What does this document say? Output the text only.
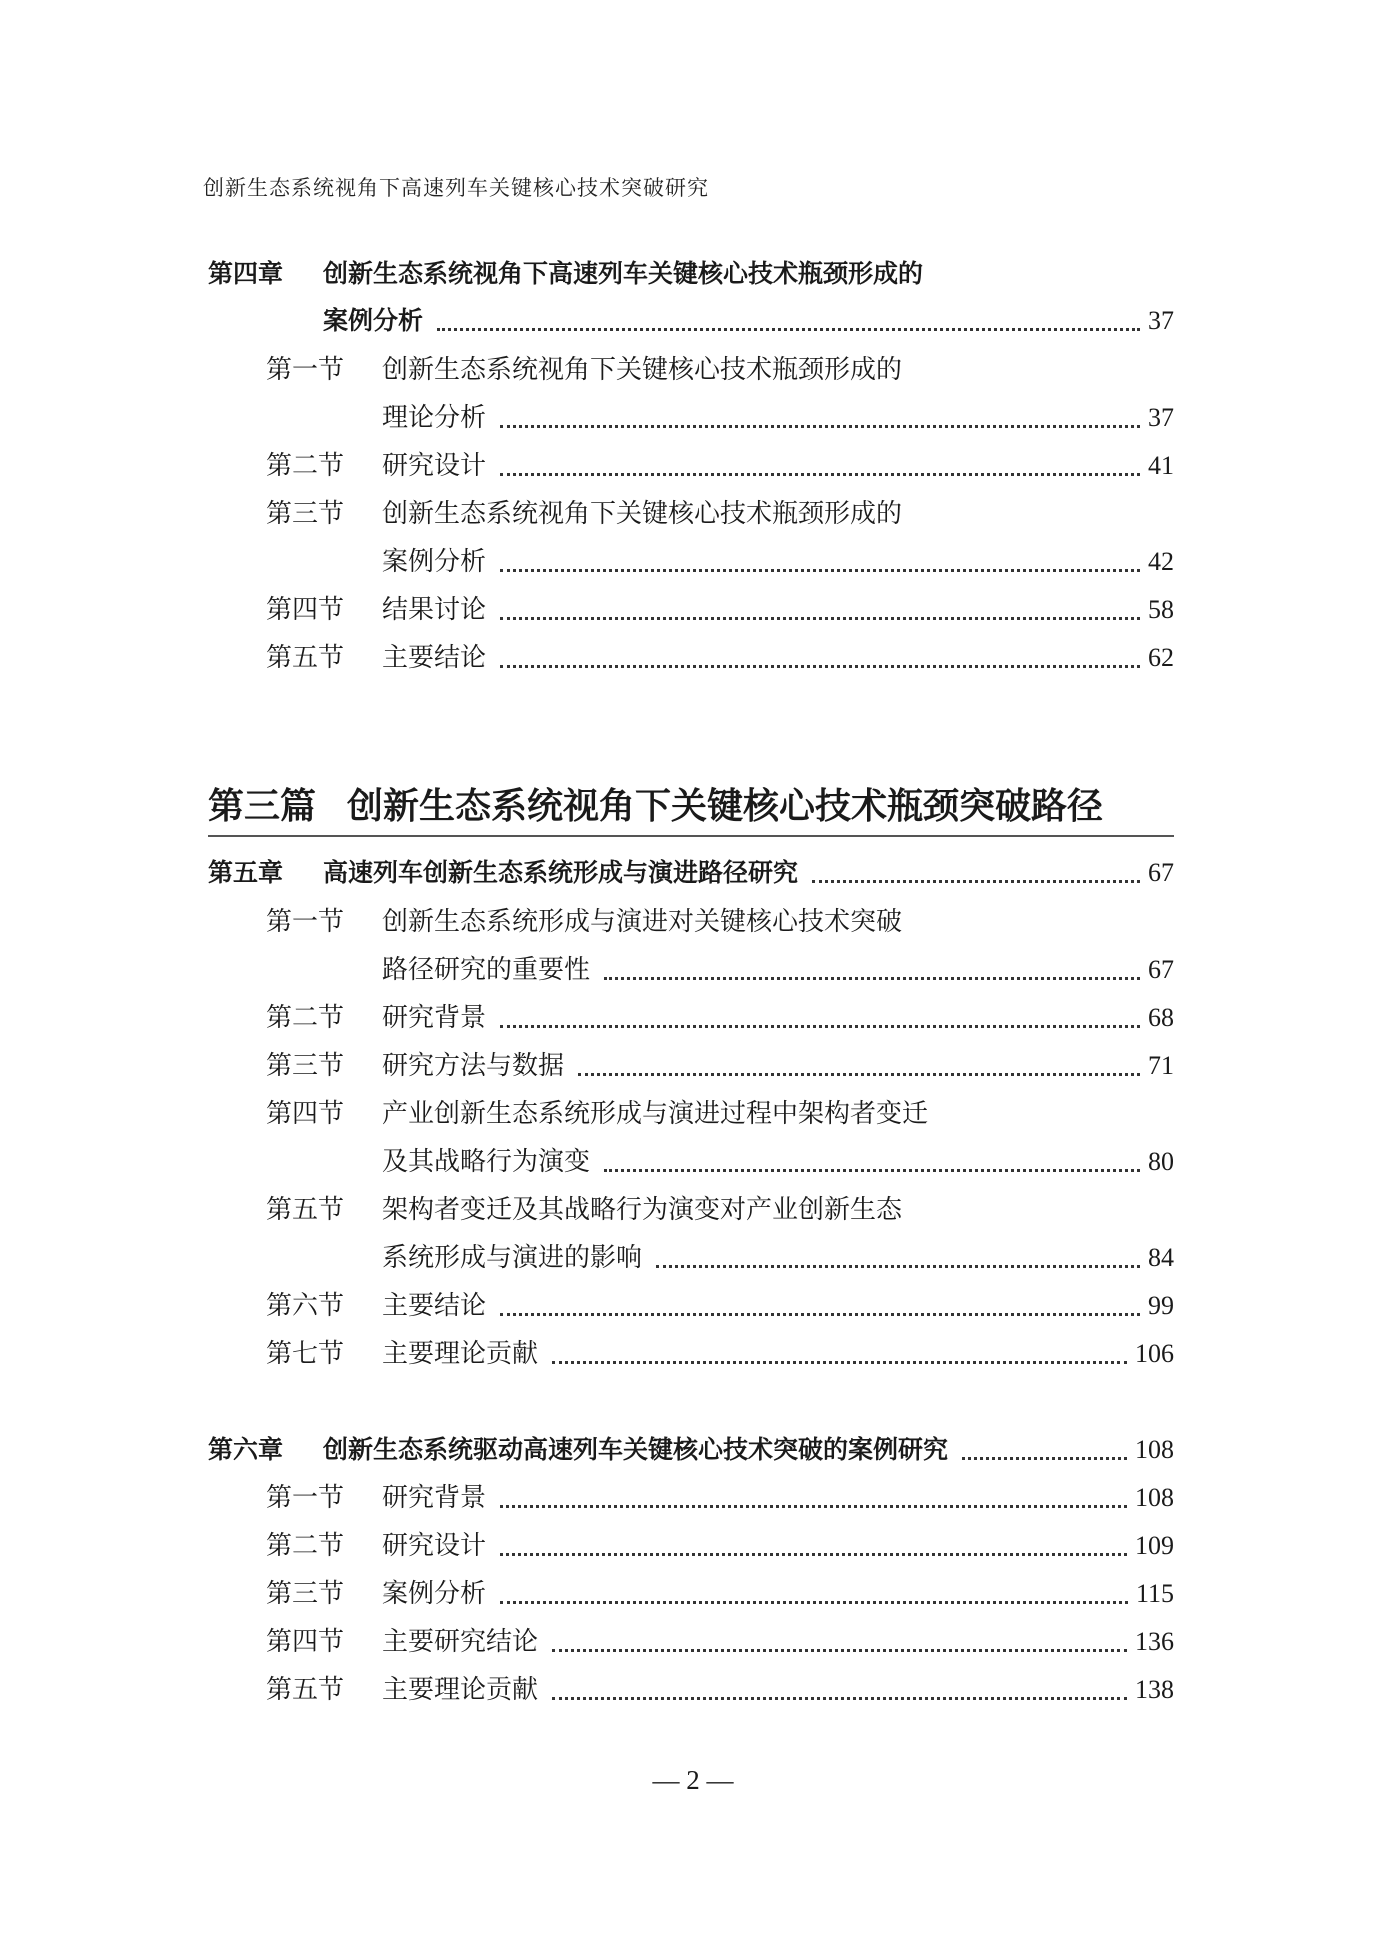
创新生态系统视角下高速列车关键核心技术突破研究
第四章	创新生态系统视角下高速列车关键核心技术瓶颈形成的
案例分析	37
第一节	创新生态系统视角下关键核心技术瓶颈形成的
理论分析	37
第二节	研究设计	41
第三节	创新生态系统视角下关键核心技术瓶颈形成的
案例分析	42
第四节	结果讨论	58
第五节	主要结论	62
第三篇 创新生态系统视角下关键核心技术瓶颈突破路径
第五章	高速列车创新生态系统形成与演进路径研究	67
第一节	创新生态系统形成与演进对关键核心技术突破
路径研究的重要性	67
第二节	研究背景	68
第三节	研究方法与数据	71
第四节	产业创新生态系统形成与演进过程中架构者变迁
及其战略行为演变	80
第五节	架构者变迁及其战略行为演变对产业创新生态
系统形成与演进的影响	84
第六节	主要结论	99
第七节	主要理论贡献	106
第六章	创新生态系统驱动高速列车关键核心技术突破的案例研究	108
第一节	研究背景	108
第二节	研究设计	109
第三节	案例分析	115
第四节	主要研究结论	136
第五节	主要理论贡献	138
— 2 —
